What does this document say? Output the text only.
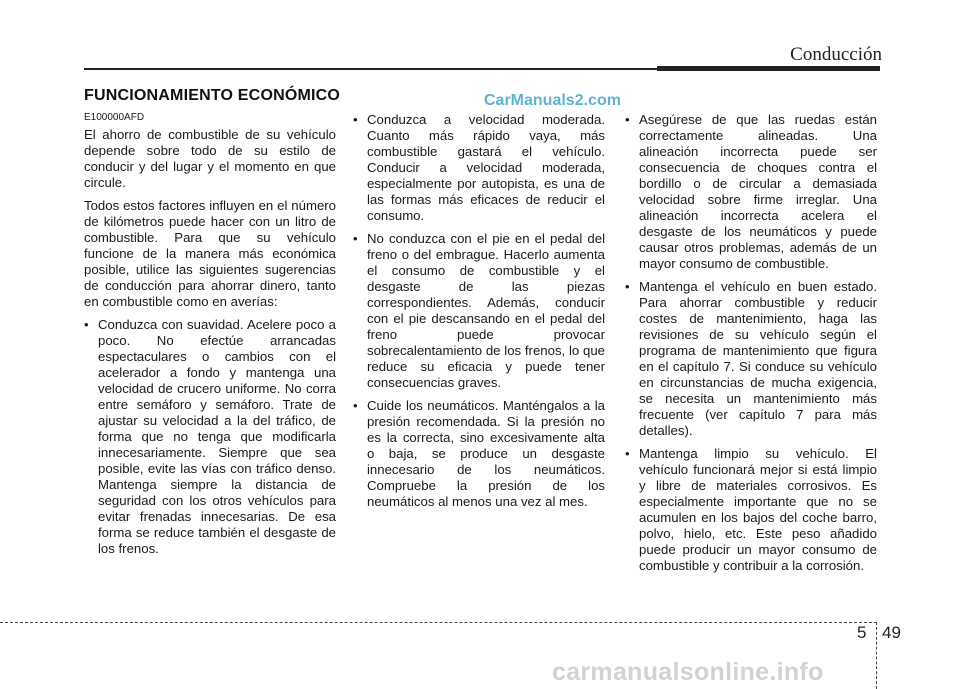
Conducción
FUNCIONAMIENTO ECONÓMICO	CarManuals2.com

E100000AFD

El ahorro de combustible de su vehículo depende sobre todo de su estilo de conducir y del lugar y el momento en que circule.

Todos estos factores influyen en el número de kilómetros puede hacer con un litro de combustible. Para que su vehículo funcione de la manera más económica posible, utilice las siguientes sugerencias de conducción para ahorrar dinero, tanto en combustible como en averías:

• Conduzca con suavidad. Acelere poco a poco. No efectúe arrancadas espectaculares o cambios con el acelerador a fondo y mantenga una velocidad de crucero uniforme. No corra entre semáforo y semáforo. Trate de ajustar su velocidad a la del tráfico, de forma que no tenga que modificarla innecesariamente. Siempre que sea posible, evite las vías con tráfico denso. Mantenga siempre la distancia de seguridad con los otros vehículos para evitar frenadas innecesarias. De esa forma se reduce también el desgaste de los frenos.
• Conduzca a velocidad moderada. Cuanto más rápido vaya, más combustible gastará el vehículo. Conducir a velocidad moderada, especialmente por autopista, es una de las formas más eficaces de reducir el consumo.
• No conduzca con el pie en el pedal del freno o del embrague. Hacerlo aumenta el consumo de combustible y el desgaste de las piezas correspondientes. Además, conducir con el pie descansando en el pedal del freno puede provocar sobrecalentamiento de los frenos, lo que reduce su eficacia y puede tener consecuencias graves.
• Cuide los neumáticos. Manténgalos a la presión recomendada. Si la presión no es la correcta, sino excesivamente alta o baja, se produce un desgaste innecesario de los neumáticos. Compruebe la presión de los neumáticos al menos una vez al mes.
• Asegúrese de que las ruedas están correctamente alineadas. Una alineación incorrecta puede ser consecuencia de choques contra el bordillo o de circular a demasiada velocidad sobre firme irreglar. Una alineación incorrecta acelera el desgaste de los neumáticos y puede causar otros problemas, además de un mayor consumo de combustible.
• Mantenga el vehículo en buen estado. Para ahorrar combustible y reducir costes de mantenimiento, haga las revisiones de su vehículo según el programa de mantenimiento que figura en el capítulo 7. Si conduce su vehículo en circunstancias de mucha exigencia, se necesita un mantenimiento más frecuente (ver capítulo 7 para más detalles).
• Mantenga limpio su vehículo. El vehículo funcionará mejor si está limpio y libre de materiales corrosivos. Es especialmente importante que no se acumulen en los bajos del coche barro, polvo, hielo, etc. Este peso añadido puede producir un mayor consumo de combustible y contribuir a la corrosión.
5 49
carmanualsonline.info
